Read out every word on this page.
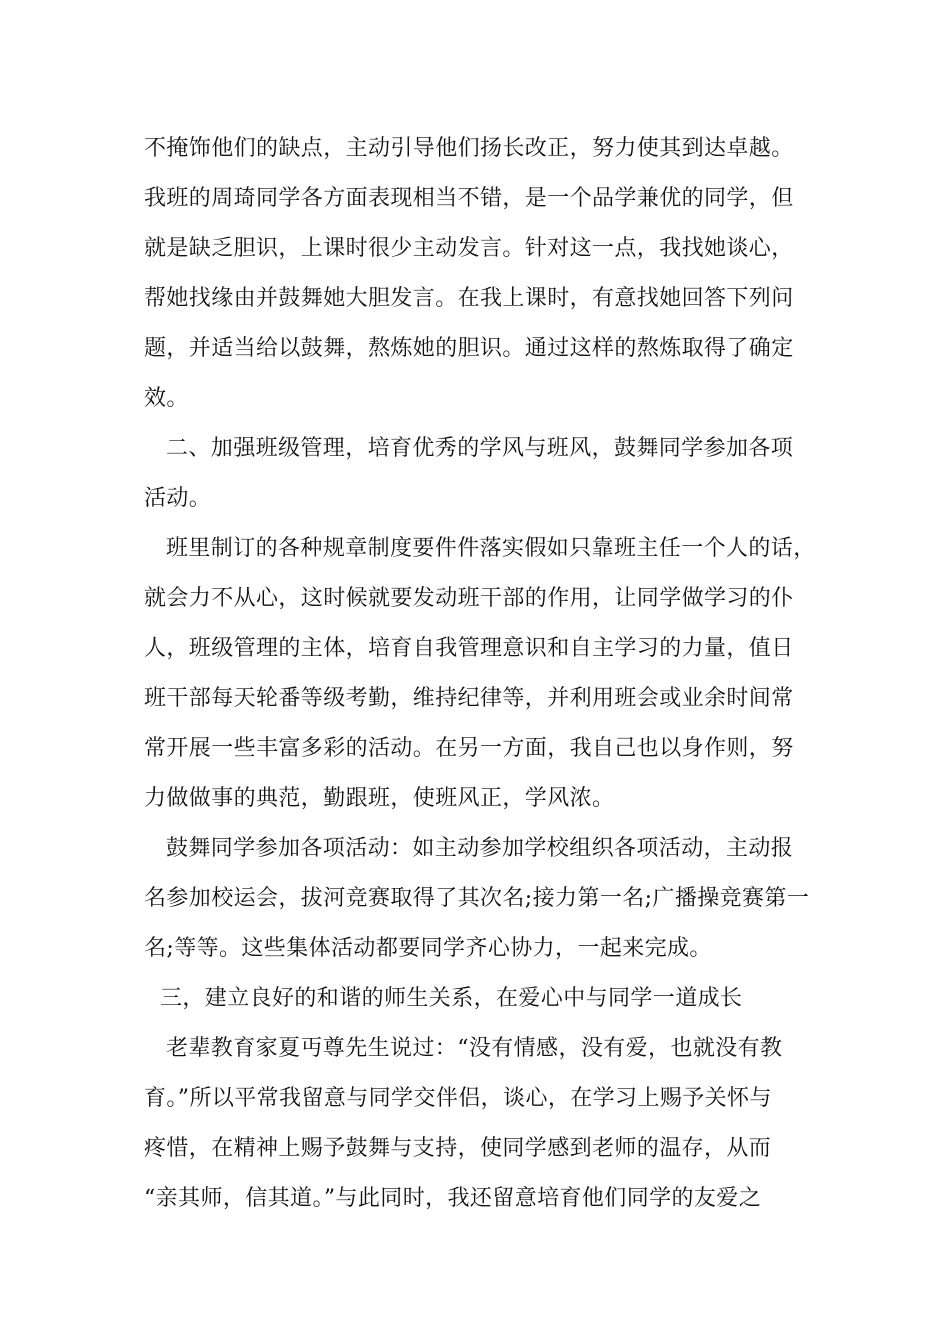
不掩饰他们的缺点，主动引导他们扬长改正，努力使其到达卓越。
我班的周琦同学各方面表现相当不错，是一个品学兼优的同学，但
就是缺乏胆识，上课时很少主动发言。针对这一点，我找她谈心，
帮她找缘由并鼓舞她大胆发言。在我上课时，有意找她回答下列问
题，并适当给以鼓舞，熬炼她的胆识。通过这样的熬炼取得了确定
效。
二、加强班级管理，培育优秀的学风与班风，鼓舞同学参加各项
活动。
班里制订的各种规章制度要件件落实假如只靠班主任一个人的话，
就会力不从心，这时候就要发动班干部的作用，让同学做学习的仆
人，班级管理的主体，培育自我管理意识和自主学习的力量，值日
班干部每天轮番等级考勤，维持纪律等，并利用班会或业余时间常
常开展一些丰富多彩的活动。在另一方面，我自己也以身作则，努
力做做事的典范，勤跟班，使班风正，学风浓。
鼓舞同学参加各项活动：如主动参加学校组织各项活动，主动报
名参加校运会，拔河竞赛取得了其次名;接力第一名;广播操竞赛第一
名;等等。这些集体活动都要同学齐心协力，一起来完成。
三，建立良好的和谐的师生关系，在爱心中与同学一道成长
老辈教育家夏丏尊先生说过：“没有情感，没有爱，也就没有教
育。”所以平常我留意与同学交伴侣，谈心，在学习上赐予关怀与
疼惜，在精神上赐予鼓舞与支持，使同学感到老师的温存，从而
“亲其师，信其道。”与此同时，我还留意培育他们同学的友爱之
